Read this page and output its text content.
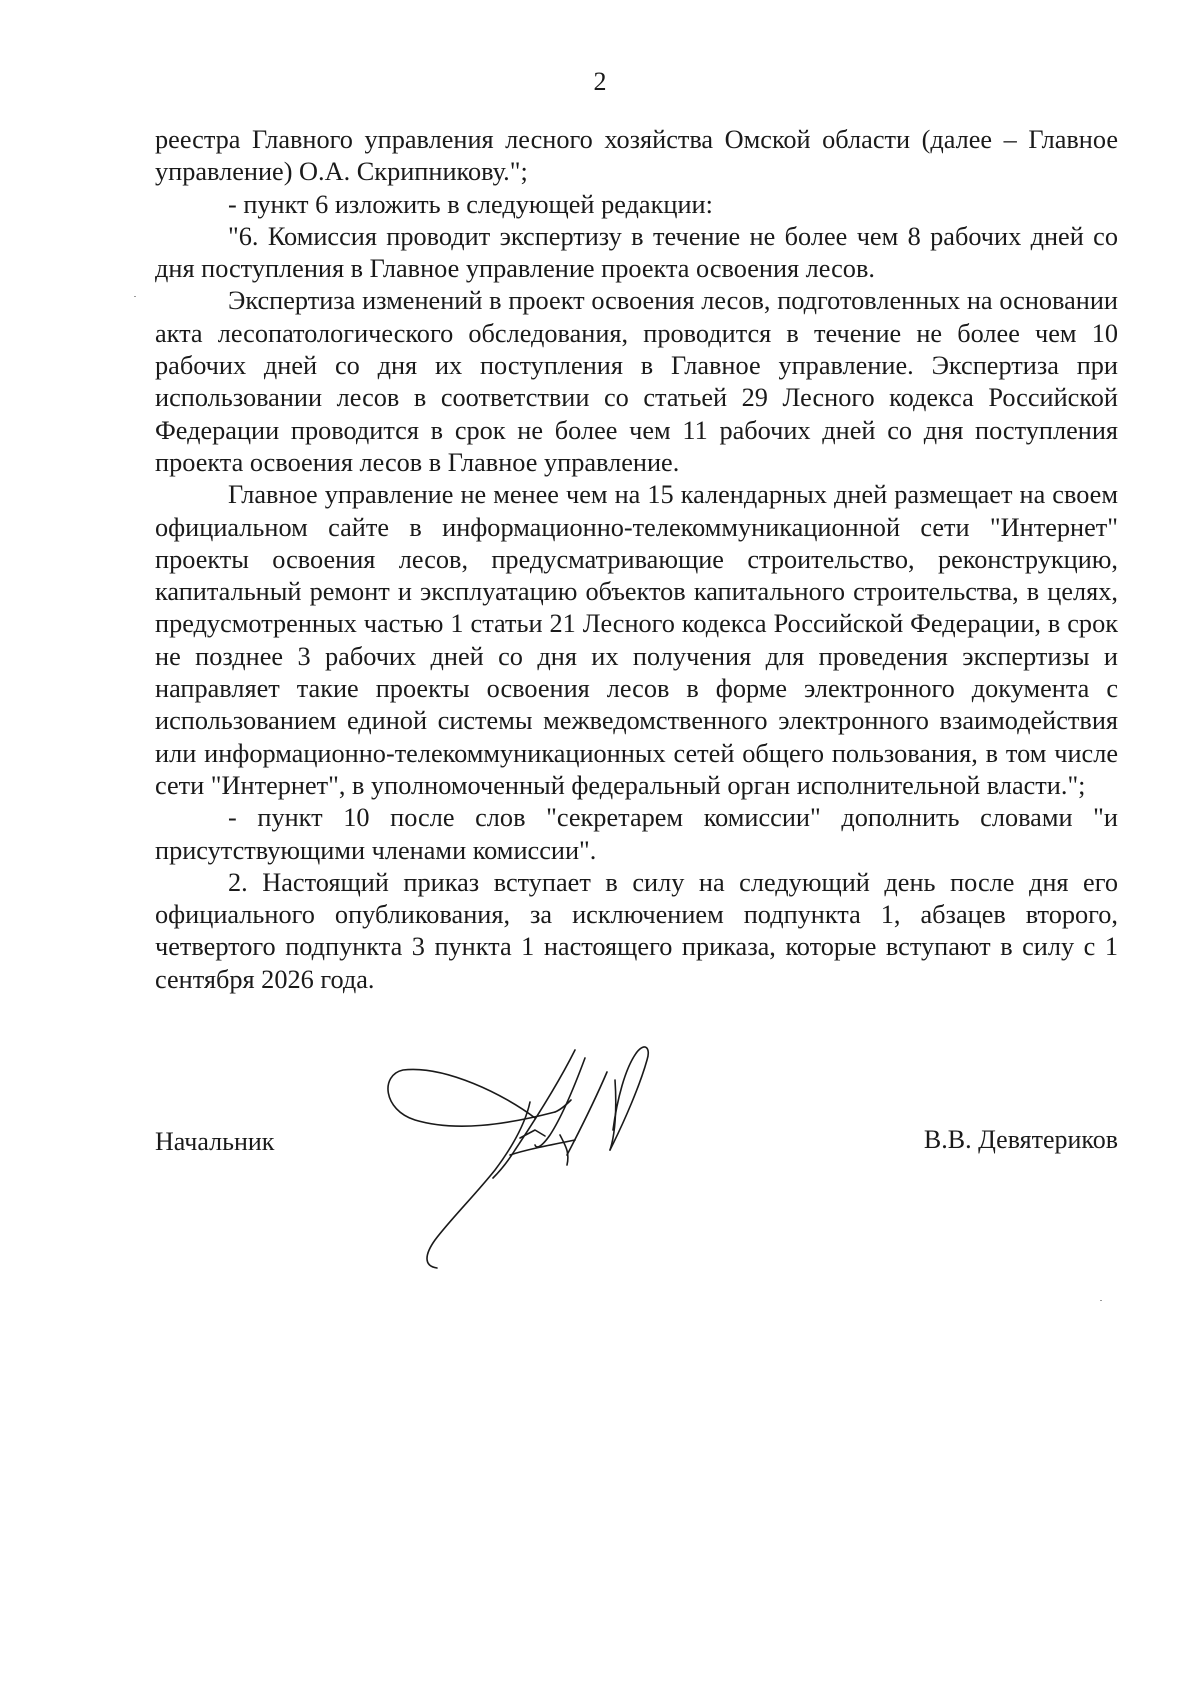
2

реестра Главного управления лесного хозяйства Омской области (далее – Главное управление) О.А. Скрипникову.";

- пункт 6 изложить в следующей редакции:

"6. Комиссия проводит экспертизу в течение не более чем 8 рабочих дней со дня поступления в Главное управление проекта освоения лесов.

Экспертиза изменений в проект освоения лесов, подготовленных на основании акта лесопатологического обследования, проводится в течение не более чем 10 рабочих дней со дня их поступления в Главное управление. Экспертиза при использовании лесов в соответствии со статьей 29 Лесного кодекса Российской Федерации проводится в срок не более чем 11 рабочих дней со дня поступления проекта освоения лесов в Главное управление.

Главное управление не менее чем на 15 календарных дней размещает на своем официальном сайте в информационно-телекоммуникационной сети "Интернет" проекты освоения лесов, предусматривающие строительство, реконструкцию, капитальный ремонт и эксплуатацию объектов капитального строительства, в целях, предусмотренных частью 1 статьи 21 Лесного кодекса Российской Федерации, в срок не позднее 3 рабочих дней со дня их получения для проведения экспертизы и направляет такие проекты освоения лесов в форме электронного документа с использованием единой системы межведомственного электронного взаимодействия или информационно-телекоммуникационных сетей общего пользования, в том числе сети "Интернет", в уполномоченный федеральный орган исполнительной власти.";

- пункт 10 после слов "секретарем комиссии" дополнить словами "и присутствующими членами комиссии".

2. Настоящий приказ вступает в силу на следующий день после дня его официального опубликования, за исключением подпункта 1, абзацев второго, четвертого подпункта 3 пункта 1 настоящего приказа, которые вступают в силу с 1 сентября 2026 года.

Начальник	В.В. Девятериков
